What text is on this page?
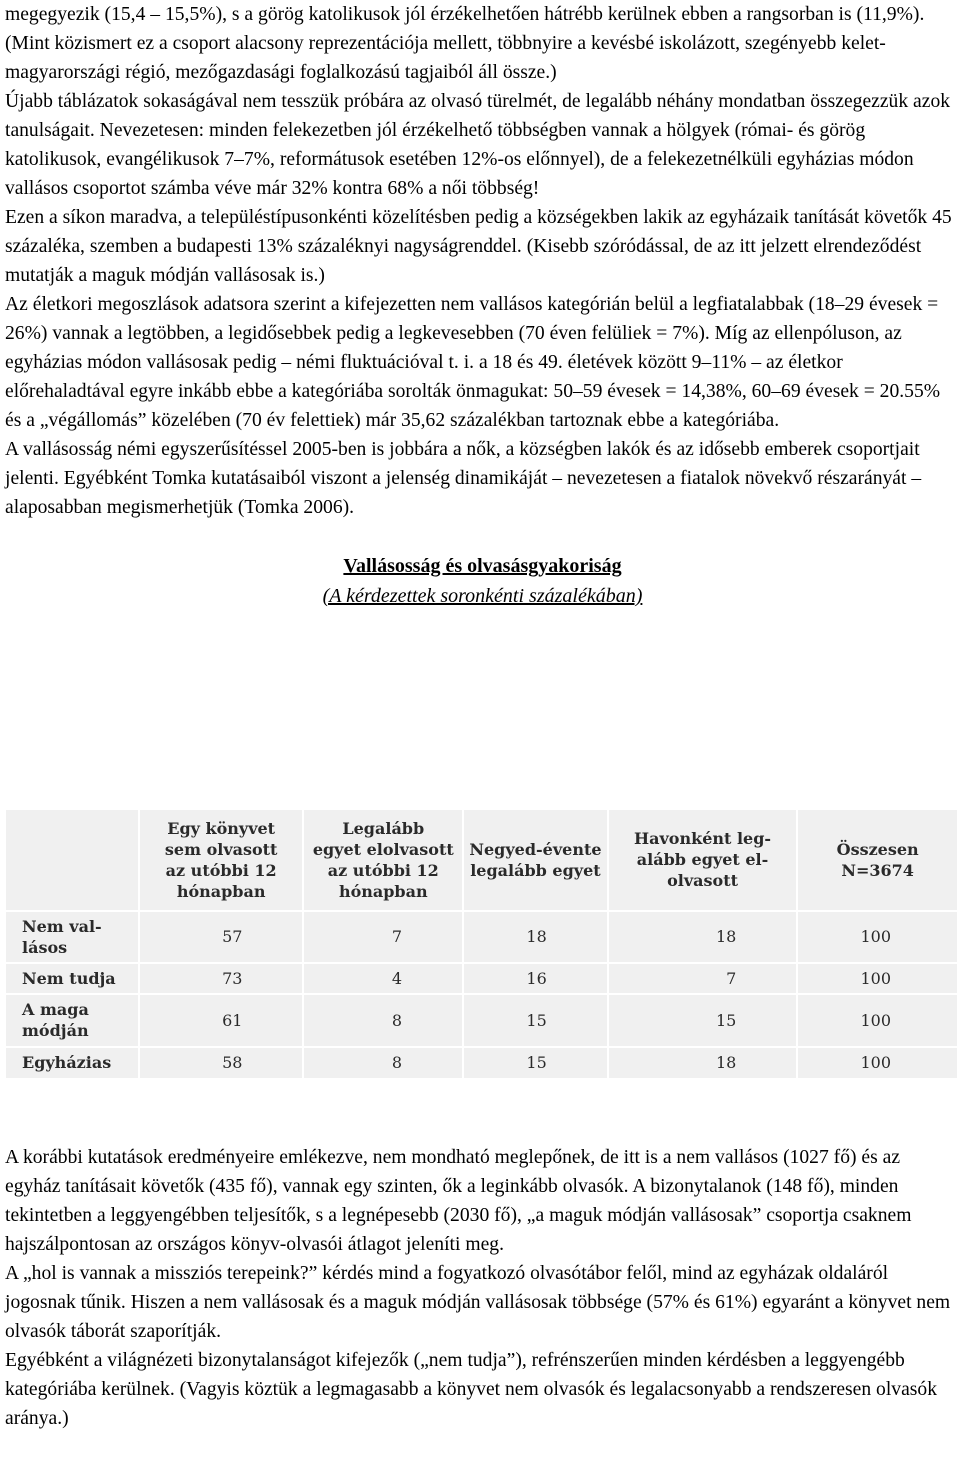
megegyezik (15,4 – 15,5%), s a görög katolikusok jól érzékelhetően hátrébb kerülnek ebben a rangsorban is (11,9%). (Mint közismert ez a csoport alacsony reprezentációja mellett, többnyire a kevésbé iskolázott, szegényebb kelet-magyarországi régió, mezőgazdasági foglalkozású tagjaiból áll össze.)

Újabb táblázatok sokaságával nem tesszük próbára az olvasó türelmét, de legalább néhány mondatban összegezzük azok tanulságait. Nevezetesen: minden felekezetben jól érzékelhető többségben vannak a hölgyek (római- és görög katolikusok, evangélikusok 7–7%, reformátusok esetében 12%-os előnnyel), de a felekezetnélküli egyházias módon vallásos csoportot számba véve már 32% kontra 68% a női többség!

Ezen a síkon maradva, a településtípusonkénti közelítésben pedig a községekben lakik az egyházaik tanítását követők 45 százaléka, szemben a budapesti 13% százaléknyi nagyságrenddel. (Kisebb szóródással, de az itt jelzett elrendeződést mutatják a maguk módján vallásosak is.)

Az életkori megoszlások adatsora szerint a kifejezetten nem vallásos kategórián belül a legfiatalabbak (18–29 évesek = 26%) vannak a legtöbben, a legidősebbek pedig a legkevesebben (70 éven felüliek = 7%). Míg az ellenpóluson, az egyházias módon vallásosak pedig – némi fluktuációval t. i. a 18 és 49. életévek között 9–11% – az életkor előrehaladtával egyre inkább ebbe a kategóriába sorolták önmagukat: 50–59 évesek = 14,38%, 60–69 évesek = 20.55% és a „végállomás” közelében (70 év felettiek) már 35,62 százalékban tartoznak ebbe a kategóriába.

A vallásosság némi egyszerűsítéssel 2005-ben is jobbára a nők, a községben lakók és az idősebb emberek csoportjait jelenti. Egyébként Tomka kutatásaiból viszont a jelenség dinamikáját – nevezetesen a fiatalok növekvő részarányát –alaposabban megismerhetjük (Tomka 2006).

Vallásosság és olvasásgyakoriság
(A kérdezettek soronkénti százalékában)
	Egy könyvet
sem olvasott
az utóbbi 12
hónapban	Legalább
egyet elolvasott
az utóbbi 12
hónapban	Negyed-évente
legalább egyet	Havonként leg-
alább egyet el-
olvasott	Összesen
N=3674
Nem val-
lásos	57	7	18	18	100
Nem tudja	73	4	16	7	100
A maga
módján	61	8	15	15	100
Egyházias	58	8	15	18	100

A korábbi kutatások eredményeire emlékezve, nem mondható meglepőnek, de itt is a nem vallásos (1027 fő) és az egyház tanításait követők (435 fő), vannak egy szinten, ők a leginkább olvasók. A bizonytalanok (148 fő), minden tekintetben a leggyengébben teljesítők, s a legnépesebb (2030 fő), „a maguk módján vallásosak” csoportja csaknem hajszálpontosan az országos könyv-olvasói átlagot jeleníti meg.

A „hol is vannak a missziós terepeink?” kérdés mind a fogyatkozó olvasótábor felől, mind az egyházak oldaláról jogosnak tűnik. Hiszen a nem vallásosak és a maguk módján vallásosak többsége (57% és 61%) egyaránt a könyvet nem olvasók táborát szaporítják.

Egyébként a világnézeti bizonytalanságot kifejezők („nem tudja”), refrénszerűen minden kérdésben a leggyengébb kategóriába kerülnek. (Vagyis köztük a legmagasabb a könyvet nem olvasók és legalacsonyabb a rendszeresen olvasók aránya.)
